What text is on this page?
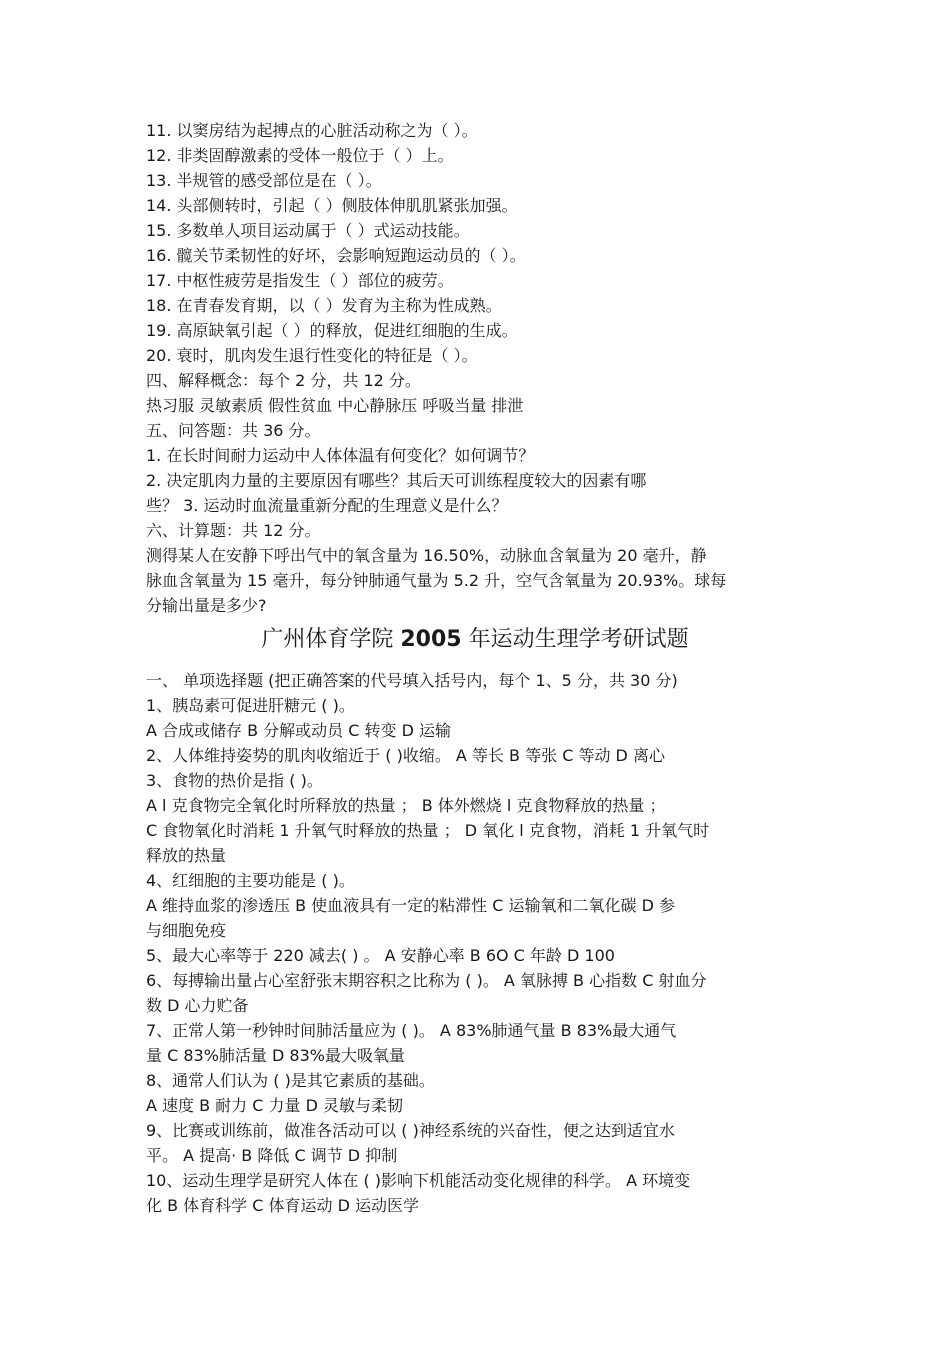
11. 以窦房结为起搏点的心脏活动称之为（ ）。
12. 非类固醇激素的受体一般位于（ ）上。
13. 半规管的感受部位是在（ ）。
14. 头部侧转时，引起（ ）侧肢体伸肌肌紧张加强。
15. 多数单人项目运动属于（ ）式运动技能。
16. 髋关节柔韧性的好坏，会影响短跑运动员的（ ）。
17. 中枢性疲劳是指发生（ ）部位的疲劳。
18. 在青春发育期，以（ ）发育为主称为性成熟。
19. 高原缺氧引起（ ）的释放，促进红细胞的生成。
20. 衰时，肌肉发生退行性变化的特征是（ ）。
四、解释概念：每个 2 分，共 12 分。
热习服 灵敏素质 假性贫血 中心静脉压 呼吸当量 排泄
五、问答题：共 36 分。
1. 在长时间耐力运动中人体体温有何变化？如何调节？
2. 决定肌肉力量的主要原因有哪些？其后天可训练程度较大的因素有哪
些？ 3. 运动时血流量重新分配的生理意义是什么？
六、计算题：共 12 分。
测得某人在安静下呼出气中的氧含量为 16.50%，动脉血含氧量为 20 毫升，静
脉血含氧量为 15 毫升，每分钟肺通气量为 5.2 升，空气含氧量为 20.93%。球每
分输出量是多少?
广州体育学院 2005 年运动生理学考研试题
一、 单项选择题 (把正确答案的代号填入括号内，每个 1、5 分，共 30 分)
1、胰岛素可促进肝糖元 ( )。
A 合成或储存 B 分解或动员 C 转变 D 运输
2、人体维持姿势的肌肉收缩近于 ( )收缩。 A 等长 B 等张 C 等动 D 离心
3、食物的热价是指 ( )。
A l 克食物完全氧化时所释放的热量 ； B 体外燃烧 l 克食物释放的热量 ；
C 食物氧化时消耗 1 升氧气时释放的热量 ； D 氧化 l 克食物，消耗 1 升氧气时
释放的热量
4、红细胞的主要功能是 ( )。
A 维持血浆的渗透压 B 使血液具有一定的粘滞性 C 运输氧和二氧化碳 D 参
与细胞免疫
5、最大心率等于 220 减去( ) 。 A 安静心率 B 6O C 年龄 D 100
6、每搏输出量占心室舒张末期容积之比称为 ( )。 A 氧脉搏 B 心指数 C 射血分
数 D 心力贮备
7、正常人第一秒钟时间肺活量应为 ( )。 A 83%肺通气量 B 83%最大通气
量 C 83%肺活量 D 83%最大吸氧量
8、通常人们认为 ( )是其它素质的基础。
A 速度 B 耐力 C 力量 D 灵敏与柔韧
9、比赛或训练前，做准各活动可以 ( )神经系统的兴奋性，便之达到适宜水
平。 A 提高· B 降低 C 调节 D 抑制
10、运动生理学是研究人体在 ( )影响下机能活动变化规律的科学。 A 环境变
化 B 体育科学 C 体育运动 D 运动医学
